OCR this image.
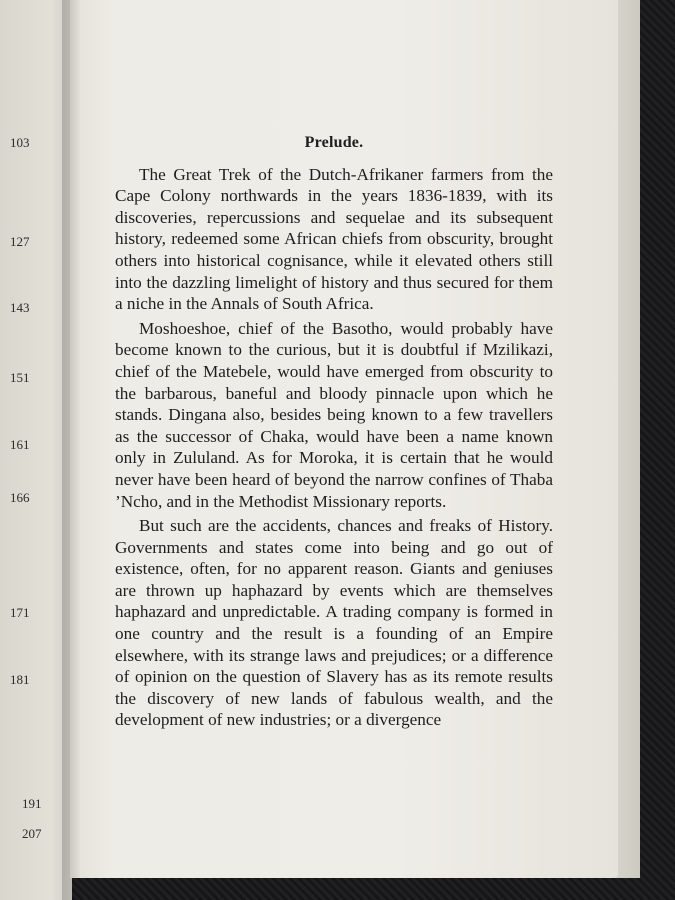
103
127
143
151
161
166
171
181
191
207
Prelude.

The Great Trek of the Dutch-Afrikaner farmers from the Cape Colony northwards in the years 1836-1839, with its discoveries, repercussions and sequelae and its subsequent history, redeemed some African chiefs from obscurity, brought others into historical cognisance, while it elevated others still into the dazzling limelight of history and thus secured for them a niche in the Annals of South Africa.

Moshoeshoe, chief of the Basotho, would probably have become known to the curious, but it is doubtful if Mzilikazi, chief of the Matebele, would have emerged from obscurity to the barbarous, baneful and bloody pinnacle upon which he stands. Dingana also, besides being known to a few travellers as the successor of Chaka, would have been a name known only in Zululand. As for Moroka, it is certain that he would never have been heard of beyond the narrow confines of Thaba ’Ncho, and in the Methodist Missionary reports.

But such are the accidents, chances and freaks of History. Governments and states come into being and go out of existence, often, for no apparent reason. Giants and geniuses are thrown up haphazard by events which are themselves haphazard and unpredictable. A trading company is formed in one country and the result is a founding of an Empire elsewhere, with its strange laws and prejudices; or a difference of opinion on the question of Slavery has as its remote results the discovery of new lands of fabulous wealth, and the development of new industries; or a divergence
